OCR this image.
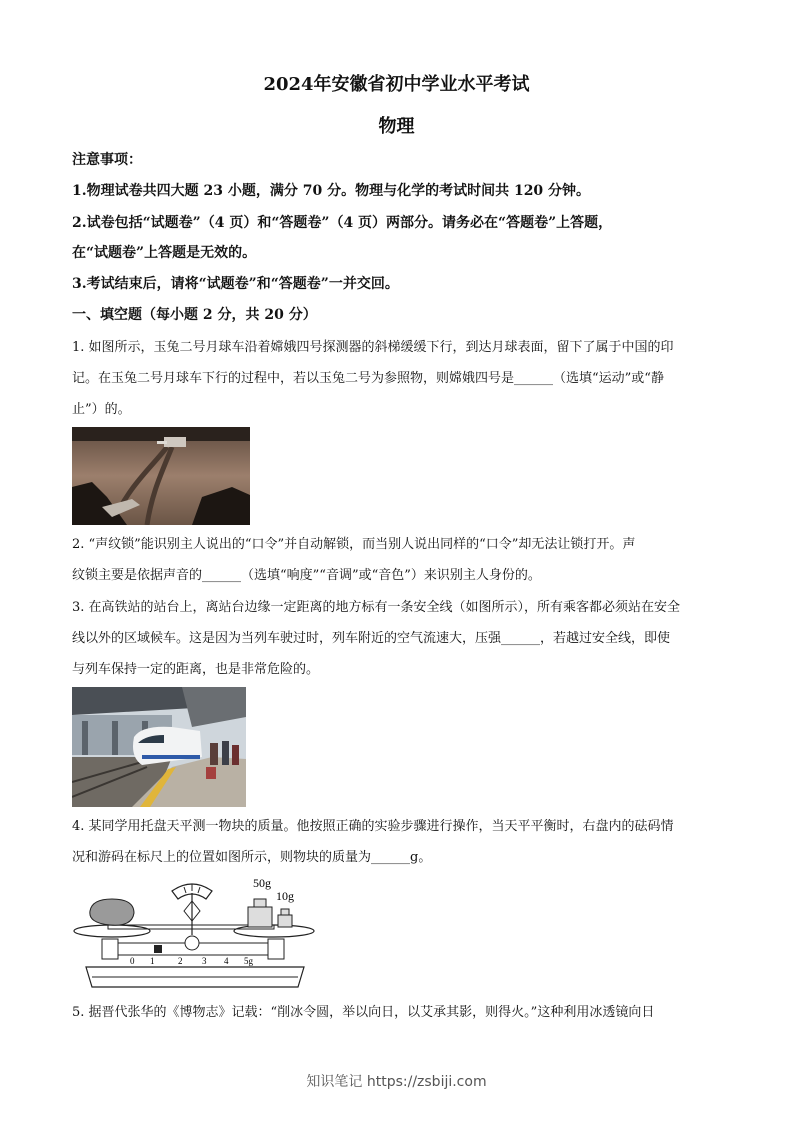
2024年安徽省初中学业水平考试
物理
注意事项：
1.物理试卷共四大题 23 小题，满分 70 分。物理与化学的考试时间共 120 分钟。
2.试卷包括“试题卷”（4 页）和“答题卷”（4 页）两部分。请务必在“答题卷”上答题，
在“试题卷”上答题是无效的。
3.考试结束后，请将“试题卷”和“答题卷”一并交回。
一、填空题（每小题 2 分，共 20 分）
1. 如图所示，玉兔二号月球车沿着嫦娥四号探测器的斜梯缓缓下行，到达月球表面，留下了属于中国的印
记。在玉兔二号月球车下行的过程中，若以玉兔二号为参照物，则嫦娥四号是______（选填“运动”或“静
止”）的。
2. “声纹锁”能识别主人说出的“口令”并自动解锁，而当别人说出同样的“口令”却无法让锁打开。声
纹锁主要是依据声音的______（选填“响度”“音调”或“音色”）来识别主人身份的。
3. 在高铁站的站台上，离站台边缘一定距离的地方标有一条安全线（如图所示），所有乘客都必须站在安全
线以外的区域候车。这是因为当列车驶过时，列车附近的空气流速大，压强______，若越过安全线，即使
与列车保持一定的距离，也是非常危险的。
4. 某同学用托盘天平测一物块的质量。他按照正确的实验步骤进行操作，当天平平衡时，右盘内的砝码情
况和游码在标尺上的位置如图所示，则物块的质量为______g。
50g
10g
0 1	2 3 4 5g
5. 据晋代张华的《博物志》记载：“削冰令圆，举以向日，以艾承其影，则得火。”这种利用冰透镜向日
知识笔记 https://zsbiji.com
